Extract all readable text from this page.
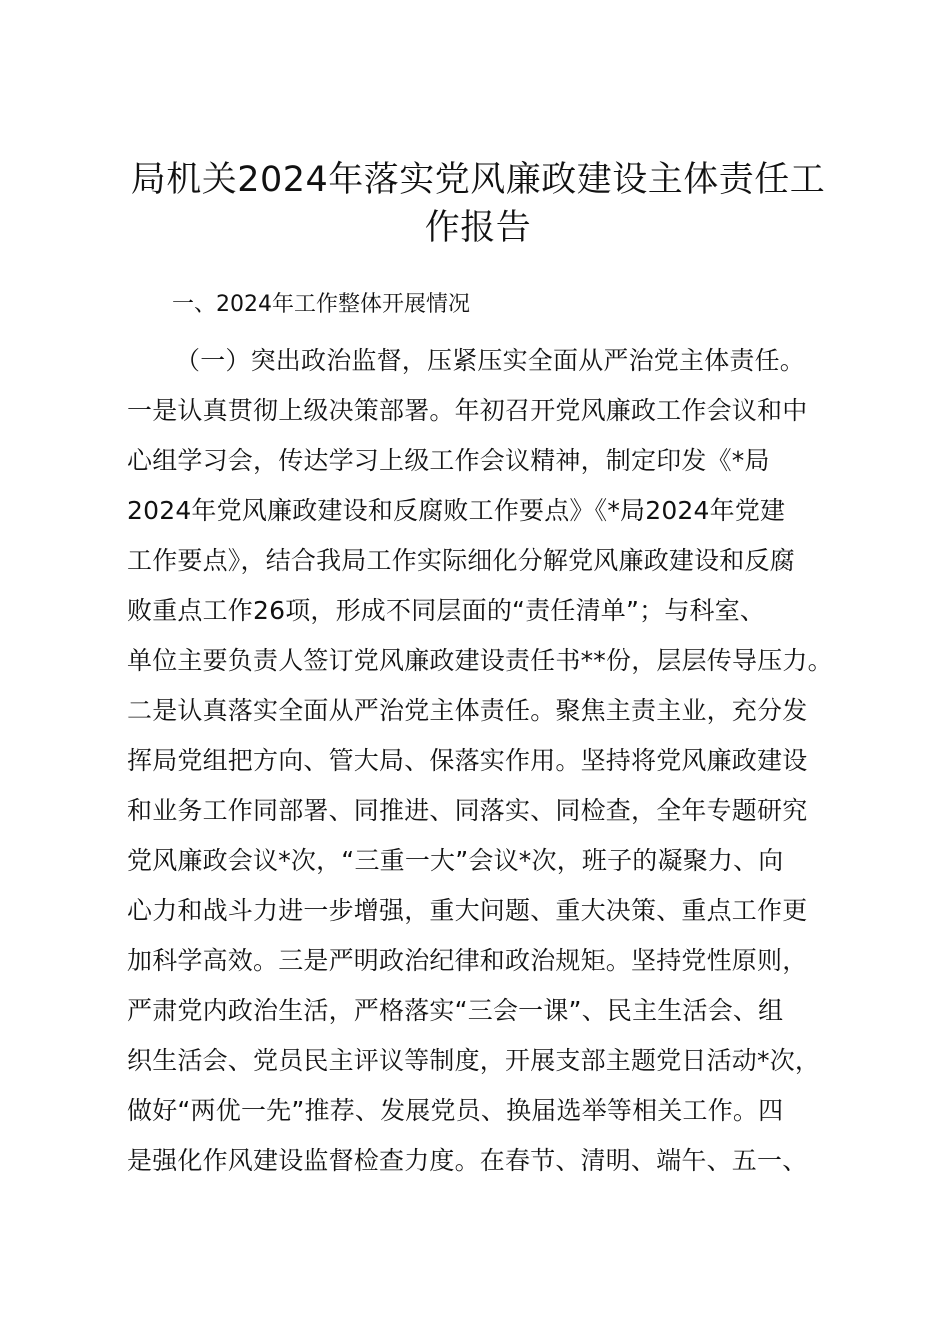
局机关2024年落实党风廉政建设主体责任工
作报告

一、2024年工作整体开展情况

（一）突出政治监督，压紧压实全面从严治党主体责任。
一是认真贯彻上级决策部署。年初召开党风廉政工作会议和中
心组学习会，传达学习上级工作会议精神，制定印发《*局
2024年党风廉政建设和反腐败工作要点》《*局2024年党建
工作要点》，结合我局工作实际细化分解党风廉政建设和反腐
败重点工作26项，形成不同层面的“责任清单”；与科室、
单位主要负责人签订党风廉政建设责任书**份，层层传导压力。
二是认真落实全面从严治党主体责任。聚焦主责主业，充分发
挥局党组把方向、管大局、保落实作用。坚持将党风廉政建设
和业务工作同部署、同推进、同落实、同检查，全年专题研究
党风廉政会议*次，“三重一大”会议*次，班子的凝聚力、向
心力和战斗力进一步增强，重大问题、重大决策、重点工作更
加科学高效。三是严明政治纪律和政治规矩。坚持党性原则，
严肃党内政治生活，严格落实“三会一课”、民主生活会、组
织生活会、党员民主评议等制度，开展支部主题党日活动*次，
做好“两优一先”推荐、发展党员、换届选举等相关工作。四
是强化作风建设监督检查力度。在春节、清明、端午、五一、
